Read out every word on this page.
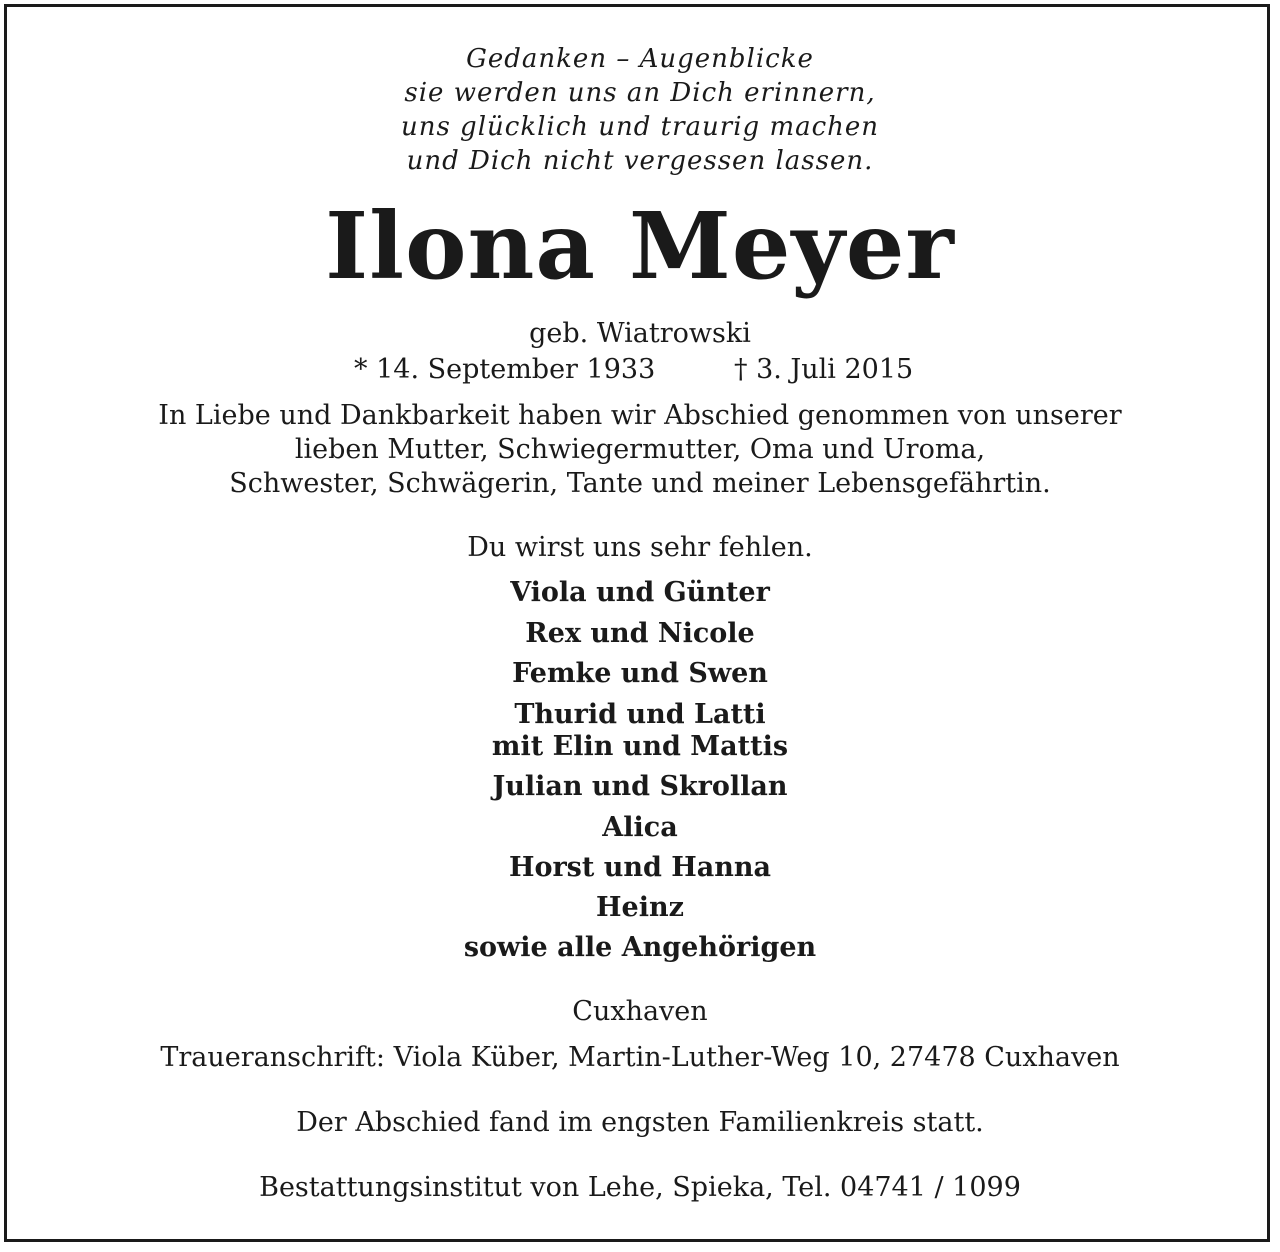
Gedanken – Augenblicke
sie werden uns an Dich erinnern,
uns glücklich und traurig machen
und Dich nicht vergessen lassen.
Ilona Meyer
geb. Wiatrowski
* 14. September 1933	† 3. Juli 2015
In Liebe und Dankbarkeit haben wir Abschied genommen von unserer
lieben Mutter, Schwiegermutter, Oma und Uroma,
Schwester, Schwägerin, Tante und meiner Lebensgefährtin.
Du wirst uns sehr fehlen.
Viola und Günter
Rex und Nicole
Femke und Swen
Thurid und Latti
mit Elin und Mattis
Julian und Skrollan
Alica
Horst und Hanna
Heinz
sowie alle Angehörigen
Cuxhaven
Traueranschrift: Viola Küber, Martin-Luther-Weg 10, 27478 Cuxhaven
Der Abschied fand im engsten Familienkreis statt.
Bestattungsinstitut von Lehe, Spieka, Tel. 04741 / 1099
